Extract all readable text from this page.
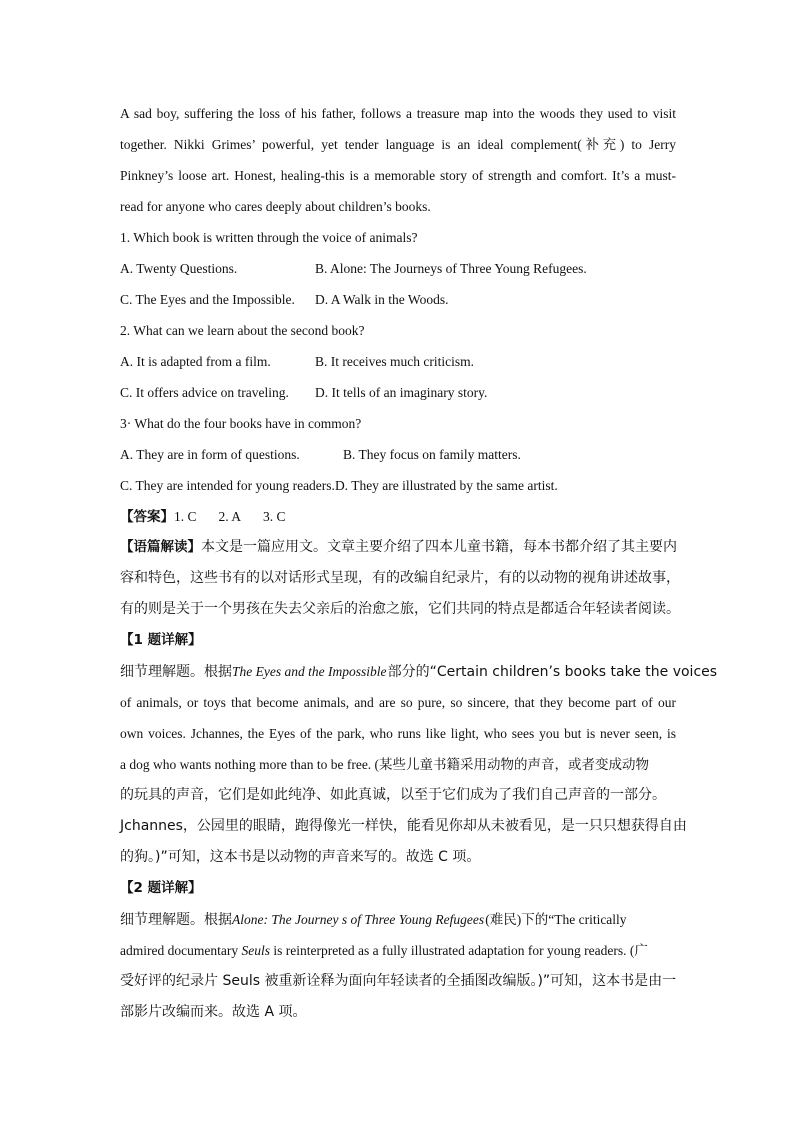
A sad boy, suffering the loss of his father, follows a treasure map into the woods they used to visit
together. Nikki Grimes’ powerful, yet tender language is an ideal complement(补充) to Jerry
Pinkney’s loose art. Honest, healing-this is a memorable story of strength and comfort. It’s a must-
read for anyone who cares deeply about children’s books.
1. Which book is written through the voice of animals?
A. Twenty Questions.	B. Alone: The Journeys of Three Young Refugees.
C. The Eyes and the Impossible. D. A Walk in the Woods.
2. What can we learn about the second book?
A. It is adapted from a film.	B. It receives much criticism.
C. It offers advice on traveling. D. It tells of an imaginary story.
3· What do the four books have in common?
A. They are in form of questions.	B. They focus on family matters.
C. They are intended for young readers.D. They are illustrated by the same artist.
【答案】1. C 2. A 3. C
【语篇解读】本文是一篇应用文。文章主要介绍了四本儿童书籍，每本书都介绍了其主要内
容和特色，这些书有的以对话形式呈现，有的改编自纪录片，有的以动物的视角讲述故事，
有的则是关于一个男孩在失去父亲后的治愈之旅，它们共同的特点是都适合年轻读者阅读。
【1 题详解】
细节理解题。根据The Eyes and the Impossible 部分的“Certain children’s books take the voices
of animals, or toys that become animals, and are so pure, so sincere, that they become part of our
own voices. Jchannes, the Eyes of the park, who runs like light, who sees you but is never seen, is
a dog who wants nothing more than to be free. (某些儿童书籍采用动物的声音，或者变成动物
的玩具的声音，它们是如此纯净、如此真诚，以至于它们成为了我们自己声音的一部分。
Jchannes，公园里的眼睛，跑得像光一样快，能看见你却从未被看见，是一只只想获得自由
的狗。)”可知，这本书是以动物的声音来写的。故选 C 项。
【2 题详解】
细节理解题。根据Alone: The Journey s of Three Young Refugees (难民)下的“The critically
admired documentary Seuls is reinterpreted as a fully illustrated adaptation for young readers. (广
受好评的纪录片 Seuls 被重新诠释为面向年轻读者的全插图改编版。)”可知，这本书是由一
部影片改编而来。故选 A 项。
